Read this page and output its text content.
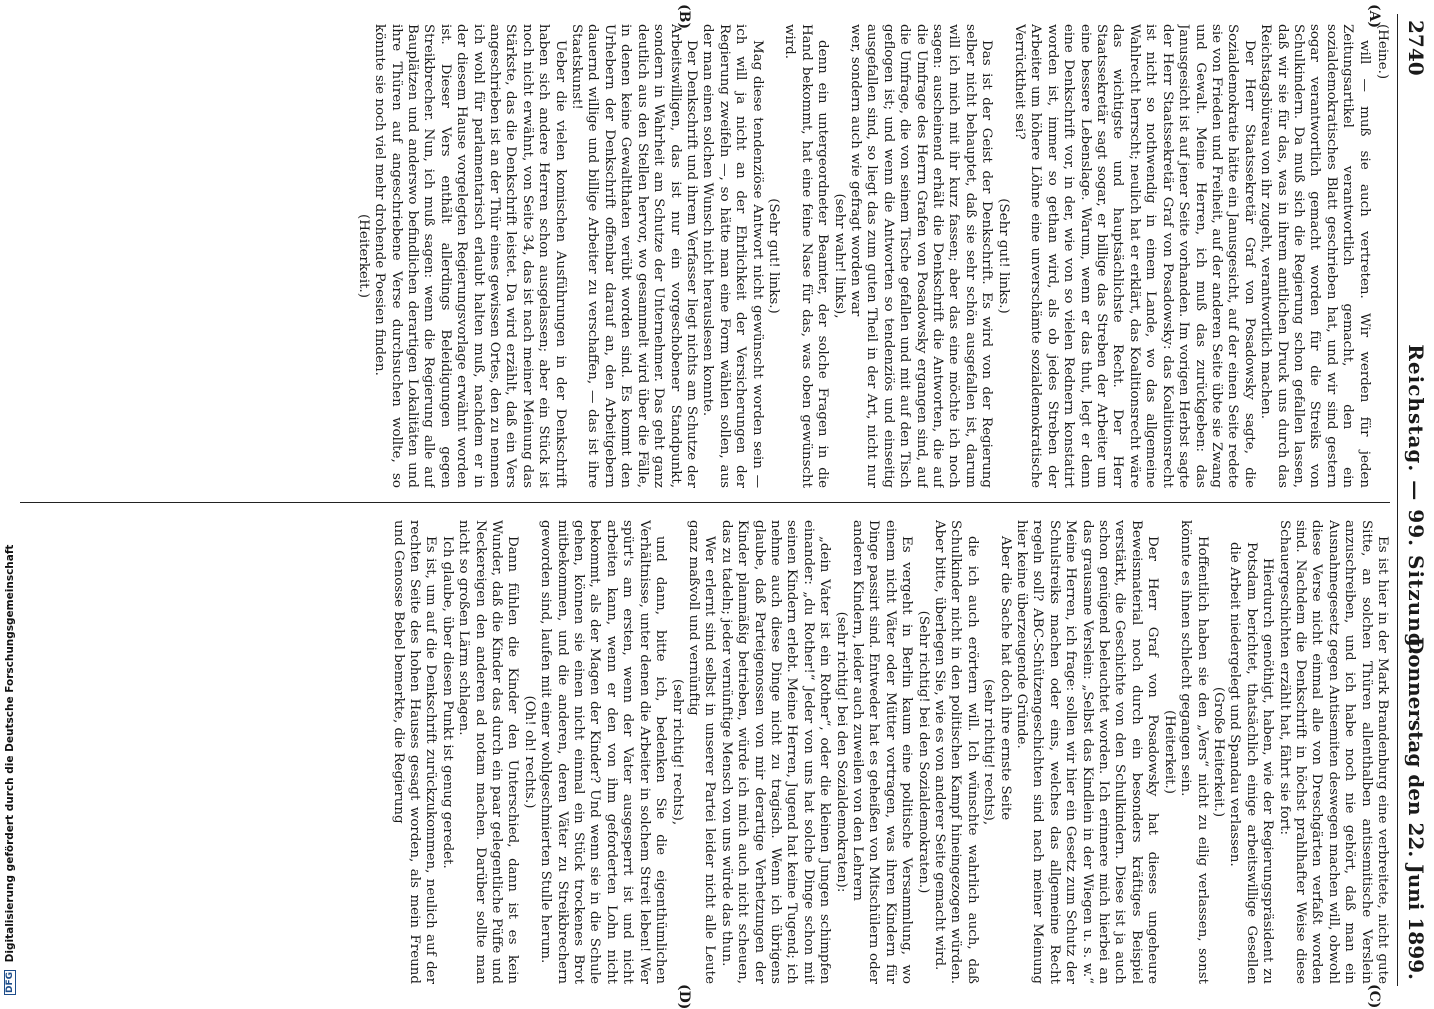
2740
Reichstag. — 99. Sitzung.
Donnerstag den 22. Juni 1899.
(A)
(B)
(C)
(D)

(Heine.)

will — muß sie auch vertreten. Wir werden für jeden Zeitungsartikel verantwortlich gemacht, den ein sozialdemokratisches Blatt geschrieben hat, und wir sind gestern sogar verantwortlich gemacht worden für die Streiks von Schulkindern. Da muß sich die Regierung schon gefallen lassen, daß wir sie für das, was in ihrem amtlichen Druck uns durch das Reichstagsbüreau von ihr zugeht, verantwortlich machen.

Der Herr Staatssekretär Graf von Posadowsky sagte, die Sozialdemokratie hätte ein Janusgesicht, auf der einen Seite redete sie von Frieden und Freiheit, auf der anderen Seite übte sie Zwang und Gewalt. Meine Herren, ich muß das zurückgeben: das Janusgesicht ist auf jener Seite vorhanden. Im vorigen Herbst sagte der Herr Staatssekretär Graf von Posadowsky: das Koalitionsrecht ist nicht so nothwendig in einem Lande, wo das allgemeine Wahlrecht herrscht; neulich hat er erklärt, das Koalitionsrecht wäre das wichtigste und hauptsächlichste Recht. Der Herr Staatssekretär sagt sogar, er billige das Streben der Arbeiter um eine bessere Lebenslage. Warum, wenn er das thut, legt er denn eine Denkschrift vor, in der, wie von so vielen Rednern konstatirt worden ist, immer so gethan wird, als ob jedes Streben der Arbeiter um höhere Löhne eine unverschämte sozialdemokratische Verrücktheit sei?

(Sehr gut! links.)

Das ist der Geist der Denkschrift. Es wird von der Regierung selber nicht behauptet, daß sie sehr schön ausgefallen ist, darum will ich mich mit ihr kurz fassen; aber das eine möchte ich noch sagen: auscheinend erhält die Denkschrift die Antworten, die auf die Umfrage des Herrn Grafen von Posadowsky ergangen sind, auf die Umfrage, die von seinem Tische gefallen und mit auf den Tisch geflogen ist; und wenn die Antworten so tendenziös und einseitig ausgefallen sind, so liegt das zum guten Theil in der Art, nicht nur wer, sondern auch wie gefragt worden war

(sehr wahr! links),

denn ein untergeordneter Beamter, der solche Fragen in die Hand bekommt, hat eine feine Nase für das, was oben gewünscht wird.

(Sehr gut! links.)

Mag diese tendenziöse Antwort nicht gewünscht worden sein — ich will ja nicht an der Ehrlichkeit der Versicherungen der Regierung zweifeln —, so hätte man eine Form wählen sollen, aus der man einen solchen Wunsch nicht herauslesen konnte.

Der Denkschrift und ihrem Verfasser liegt nichts am Schutze der Arbeitswilligen, das ist nur ein vorgeschobener Standpunkt, sondern in Wahrheit am Schutze der Unternehmer. Das geht ganz deutlich aus den Stellen hervor, wo gesammelt wird über die Fälle, in denen keine Gewaltthaten verübt worden sind. Es kommt den Urhebern der Denkschrift offenbar darauf an, den Arbeitgebern dauernd willige und billige Arbeiter zu verschaffen, — das ist ihre Staatskunst!

Ueber die vielen komischen Ausführungen in der Denkschrift haben sich andere Herren schon ausgelassen; aber ein Stück ist noch nicht erwähnt, von Seite 34, das ist nach meiner Meinung das Stärkste, das die Denkschrift leistet. Da wird erzählt, daß ein Vers angeschrieben ist an der Thür eines gewissen Ortes, den zu nennen ich wohl für parlamentarisch erlaubt halten muß, nachdem er in der diesem Hause vorgelegten Regierungsvorlage erwähnt worden ist. Dieser Vers enthält allerdings Beleidigungen gegen Streikbrecher. Nun, ich muß sagen: wenn die Regierung alle auf Bauplätzen und anderswo befindlichen derartigen Lokalitäten und ihre Thüren auf angeschriebene Verse durchsuchen wollte, so könnte sie noch viel mehr drohende Poesien finden.

(Heiterkeit.)

Es ist hier in der Mark Brandenburg eine verbreitete, nicht gute Sitte, an solchen Thüren allenthalben antisemitische Verslein anzuschreiben, und ich habe noch nie gehört, daß man ein Ausnahmegesetz gegen Antisemiten deswegen machen will, obwohl diese Verse nicht einmal alle von Dreschgärten verfaßt worden sind. Nachdem die Denkschrift in höchst prahlhafter Weise diese Schauergeschichten erzählt hat, fährt sie fort:

Hierdurch genöthigt, haben, wie der Regierungspräsident zu Potsdam berichtet, thatsächlich einige arbeitswillige Gesellen die Arbeit niedergelegt und Spandau verlassen.

(Große Heiterkeit.)

Hoffentlich haben sie den „Vers“ nicht zu eilig verlassen, sonst könnte es ihnen schlecht gegangen sein.

(Heiterkeit.)

Der Herr Graf von Posadowsky hat dieses ungeheure Beweismaterial noch durch ein besonders kräftiges Beispiel verstärkt, die Geschichte von den Schulkindern. Diese ist ja auch schon genügend beleuchtet worden. Ich erinnere mich hierbei an das grausame Verslein: „Selbst das Kindlein in der Wiegen u. s. w.“ Meine Herren, ich frage: sollen wir hier ein Gesetz zum Schutz der Schulstreiks machen oder eins, welches das allgemeine Recht regeln soll? ABC-Schützengeschichten sind nach meiner Meinung hier keine überzeugende Gründe.

Aber die Sache hat doch ihre ernste Seite

(sehr richtig! rechts),

die ich auch erörtern will. Ich wünschte wahrlich auch, daß Schulkinder nicht in den politischen Kampf hineingezogen würden. Aber bitte, überlegen Sie, wie es von anderer Seite gemacht wird.

(Sehr richtig! bei den Sozialdemokraten.)

Es vergeht in Berlin kaum eine politische Versammlung, wo einem nicht Väter oder Mütter vortragen, was ihren Kindern für Dinge passirt sind. Entweder hat es geheißen von Mitschülern oder anderen Kindern, leider auch zuweilen von den Lehrern

(sehr richtig! bei den Sozialdemokraten):

„dein Vater ist ein Rother“, oder die kleinen Jungen schimpfen einander: „du Rother!“ Jeder von uns hat solche Dinge schon mit seinen Kindern erlebt. Meine Herren, Jugend hat keine Tugend; ich nehme auch diese Dinge nicht zu tragisch. Wenn ich übrigens glaube, daß Parteigenossen von mir derartige Verhetzungen der Kinder planmäßig betrieben, würde ich mich auch nicht scheuen, das zu tadeln; jeder vernünftige Mensch von uns würde das thun.

Wer erlernt sind selbst in unserer Partei leider nicht alle Leute ganz maßvoll und vernünftig

(sehr richtig! rechts),

und dann, bitte ich, bedenken Sie die eigenthümlichen Verhältnisse, unter denen die Arbeiter in solchem Streit leben! Wer spürt's am ersten, wenn der Vater ausgesperrt ist und nicht arbeiten kann, wenn er den von ihm geforderten Lohn nicht bekommt, als der Magen der Kinder? Und wenn sie in die Schule gehen, können sie einen nicht einmal ein Stück trockenes Brot mitbekommen, und die anderen, deren Väter zu Streikbrechern geworden sind, laufen mit einer wohlgeschmierten Stulle herum.

(Oh! oh! rechts.)

Dann fühlen die Kinder den Unterschied, dann ist es kein Wunder, daß die Kinder das durch ein paar gelegentliche Püffe und Neckereigen den anderen ad notam machen. Darüber sollte man nicht so großen Lärm schlagen.

Ich glaube, über diesen Punkt ist genug geredet.

Es ist, um auf die Denkschrift zurückzukommen, neulich auf der rechten Seite des hohen Hauses gesagt worden, als mein Freund und Genosse Bebel bemerkte, die Regierung

DFG Digitalisierung gefördert durch die Deutsche Forschungsgemeinschaft
